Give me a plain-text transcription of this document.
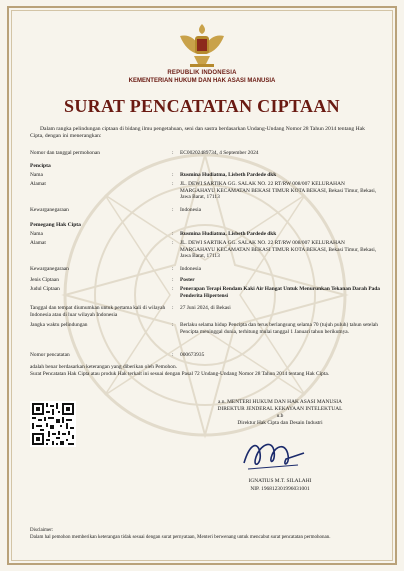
REPUBLIK INDONESIA
KEMENTERIAN HUKUM DAN HAK ASASI MANUSIA
SURAT PENCATATAN CIPTAAN
Dalam rangka pelindungan ciptaan di bidang ilmu pengetahuan, seni dan sastra berdasarkan Undang-Undang Nomor 28 Tahun 2014 tentang Hak Cipta, dengan ini menerangkan:
Nomor dan tanggal permohonan	:	EC00202489734, 4 September 2024
Pencipta
Nama	:	Rusmina Hudiatma, Lisbeth Pardede dkk
Alamat	:	JL. DEWI SARTIKA GG. SALAK NO. 22 RT/RW 008/007 KELURAHAN MARGAHAYU KECAMATAN BEKASI TIMUR KOTA BEKASI, Bekasi Timur, Bekasi, Jawa Barat, 17113
Kewarganegaraan	:	Indonesia
Pemegang Hak Cipta
Nama	:	Rusmina Hudiatma, Lisbeth Pardede dkk
Alamat	:	JL. DEWI SARTIKA GG. SALAK NO. 22 RT/RW 008/007 KELURAHAN MARGAHAYU KECAMATAN BEKASI TIMUR KOTA BEKASI, Bekasi Timur, Bekasi, Jawa Barat, 17113
Kewarganegaraan	:	Indonesia
Jenis Ciptaan	:	Poster
Judul Ciptaan	:	Penerapan Terapi Rendam Kaki Air Hangat Untuk Menurunkan Tekanan Darah Pada Penderita Hipertensi
Tanggal dan tempat diumumkan untuk pertama kali di wilayah Indonesia atau di luar wilayah Indonesia
:	27 Juni 2024, di Bekasi
Jangka waktu pelindungan	:	Berlaku selama hidup Pencipta dan terus berlangsung selama 70 (tujuh puluh) tahun setelah Pencipta meninggal dunia, terhitung mulai tanggal 1 Januari tahun berikutnya.
Nomor pencatatan	:	000673935
adalah benar berdasarkan keterangan yang diberikan oleh Pemohon.
Surat Pencatatan Hak Cipta atau produk Hak terkait ini sesuai dengan Pasal 72 Undang-Undang Nomor 28 Tahun 2014 tentang Hak Cipta.
a.n. MENTERI HUKUM DAN HAK ASASI MANUSIA
DIREKTUR JENDERAL KEKAYAAN INTELEKTUAL
u.b
Direktur Hak Cipta dan Desain Industri
IGNATIUS M.T. SILALAHI
NIP. 196812301996031001
Disclaimer:
Dalam hal pemohon memberikan keterangan tidak sesuai dengan surat pernyataan, Menteri berwenang untuk mencabut surat pencatatan permohonan.
